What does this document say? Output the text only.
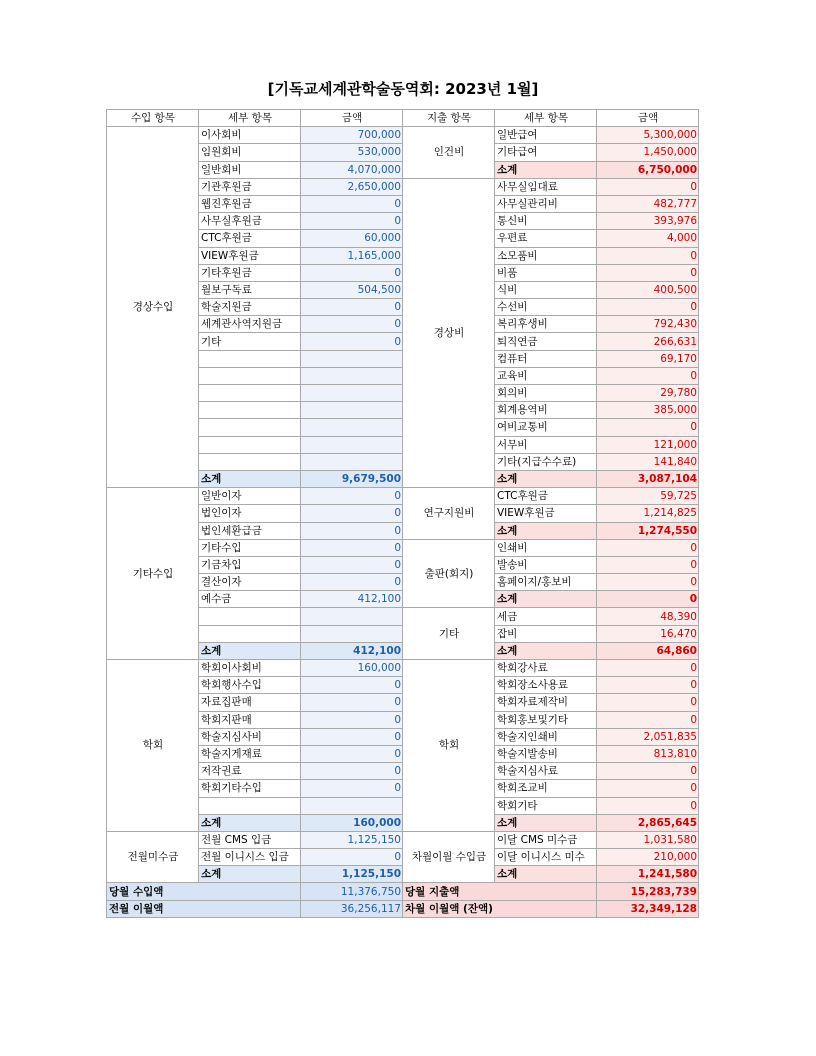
[기독교세계관학술동역회: 2023년 1월]
수입 항목	세부 항목	금액	지출 항목	세부 항목	금액
경상수입	이사회비	700,000	인건비	일반급여	5,300,000
	임원회비	530,000		기타급여	1,450,000
	일반회비	4,070,000		소계	6,750,000
	기관후원금	2,650,000	경상비	사무실임대료	0
	웹진후원금	0		사무실관리비	482,777
	사무실후원금	0		통신비	393,976
	CTC후원금	60,000		우편료	4,000
	VIEW후원금	1,165,000		소모품비	0
	기타후원금	0		비품	0
	월보구독료	504,500		식비	400,500
	학술지원금	0		수선비	0
	세계관사역지원금	0		복리후생비	792,430
	기타	0		퇴직연금	266,631
				컴퓨터	69,170
				교육비	0
				회의비	29,780
				회계용역비	385,000
				여비교통비	0
				서무비	121,000
				기타(지급수수료)	141,840
	소계	9,679,500		소계	3,087,104
기타수입	일반이자	0	연구지원비	CTC후원금	59,725
	법인이자	0		VIEW후원금	1,214,825
	법인세환급금	0		소계	1,274,550
	기타수입	0	출판(회지)	인쇄비	0
	기금차입	0		발송비	0
	결산이자	0		홈페이지/홍보비	0
	예수금	412,100		소계	0
			기타	세금	48,390
				잡비	16,470
	소계	412,100		소계	64,860
학회	학회이사회비	160,000	학회	학회강사료	0
	학회행사수입	0		학회장소사용료	0
	자료집판매	0		학회자료제작비	0
	학회지판매	0		학회홍보및기타	0
	학술지심사비	0		학술지인쇄비	2,051,835
	학술지게재료	0		학술지발송비	813,810
	저작권료	0		학술지심사료	0
	학회기타수입	0		학회조교비	0
				학회기타	0
	소계	160,000		소계	2,865,645
전월미수금	전월 CMS 입금	1,125,150	차월이월 수입금	이달 CMS 미수금	1,031,580
	전월 이니시스 입금	0		이달 이니시스 미수	210,000
	소계	1,125,150		소계	1,241,580
당월 수입액		11,376,750	당월 지출액		15,283,739
전월 이월액		36,256,117	차월 이월액 (잔액)		32,349,128
